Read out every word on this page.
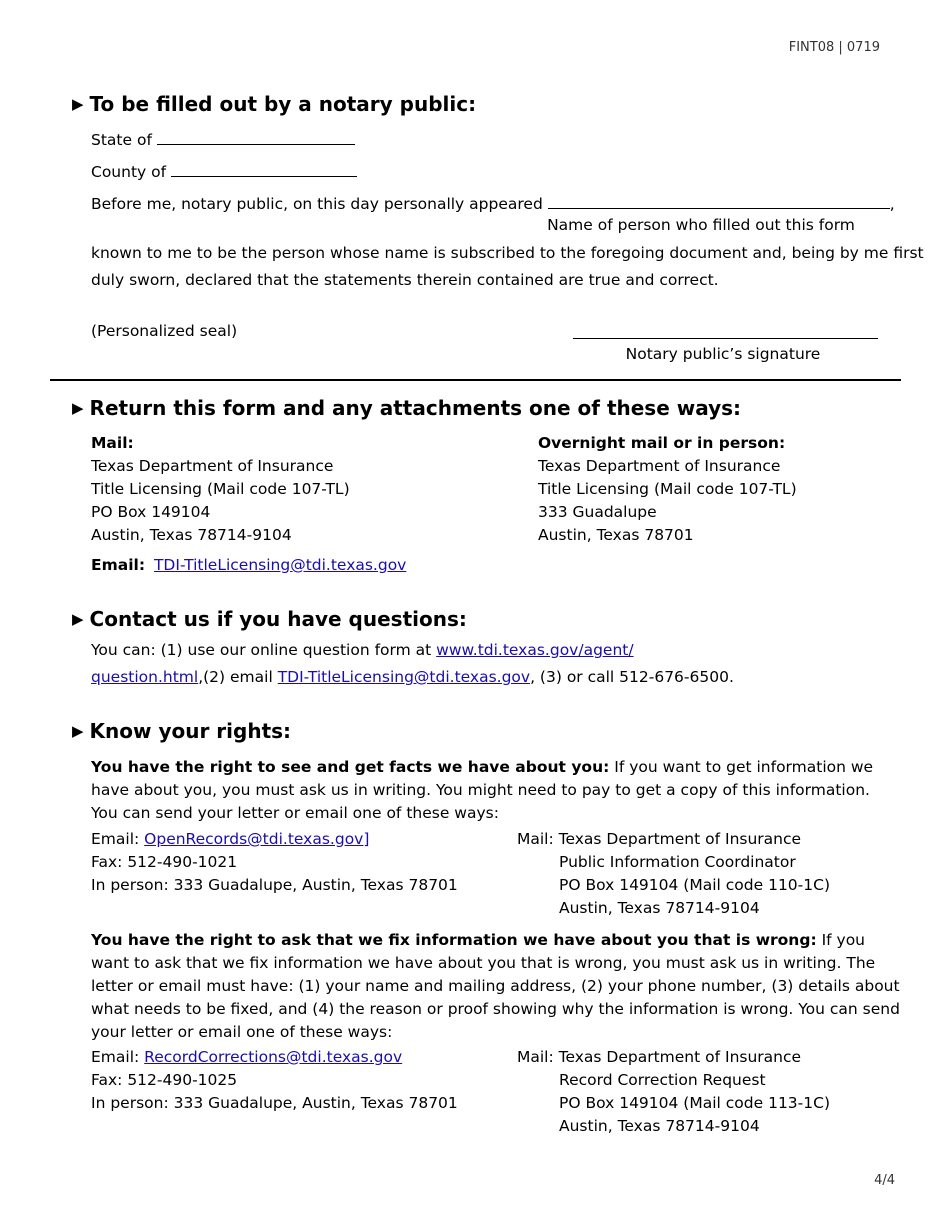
FINT08 | 0719
▶ To be filled out by a notary public:
State of
County of
Before me, notary public, on this day personally appeared	,
Name of person who filled out this form
known to me to be the person whose name is subscribed to the foregoing document and, being by me first
duly sworn, declared that the statements therein contained are true and correct.
(Personalized seal)
Notary public’s signature
▶ Return this form and any attachments one of these ways:
Mail:
Texas Department of Insurance
Title Licensing (Mail code 107-TL)
PO Box 149104
Austin, Texas 78714-9104
Overnight mail or in person:
Texas Department of Insurance
Title Licensing (Mail code 107-TL)
333 Guadalupe
Austin, Texas 78701
Email: TDI-TitleLicensing@tdi.texas.gov
▶ Contact us if you have questions:
You can: (1) use our online question form at www.tdi.texas.gov/agent/
question.html,(2) email TDI-TitleLicensing@tdi.texas.gov, (3) or call 512-676-6500.
▶ Know your rights:
You have the right to see and get facts we have about you: If you want to get information we have about you, you must ask us in writing. You might need to pay to get a copy of this information. You can send your letter or email one of these ways:
Email: OpenRecords@tdi.texas.gov]
Fax: 512-490-1021
In person: 333 Guadalupe, Austin, Texas 78701
Mail: Texas Department of Insurance
Public Information Coordinator
PO Box 149104 (Mail code 110-1C)
Austin, Texas 78714-9104
You have the right to ask that we fix information we have about you that is wrong: If you want to ask that we fix information we have about you that is wrong, you must ask us in writing. The letter or email must have: (1) your name and mailing address, (2) your phone number, (3) details about what needs to be fixed, and (4) the reason or proof showing why the information is wrong. You can send your letter or email one of these ways:
Email: RecordCorrections@tdi.texas.gov
Fax: 512-490-1025
In person: 333 Guadalupe, Austin, Texas 78701
Mail: Texas Department of Insurance
Record Correction Request
PO Box 149104 (Mail code 113-1C)
Austin, Texas 78714-9104
4/4
